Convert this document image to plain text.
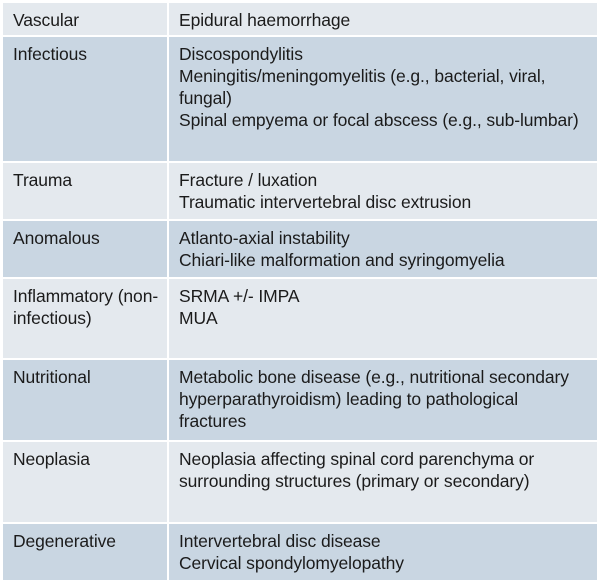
Vascular	Epidural haemorrhage

Infectious	Discospondylitis
Meningitis/meningomyelitis (e.g., bacterial, viral, fungal)
Spinal empyema or focal abscess (e.g., sub-lumbar)

Trauma	Fracture / luxation
Traumatic intervertebral disc extrusion

Anomalous	Atlanto-axial instability
Chiari-like malformation and syringomyelia

Inflammatory (non-infectious)	SRMA +/- IMPA
MUA

Nutritional	Metabolic bone disease (e.g., nutritional secondary hyperparathyroidism) leading to pathological fractures

Neoplasia	Neoplasia affecting spinal cord parenchyma or surrounding structures (primary or secondary)

Degenerative	Intervertebral disc disease
Cervical spondylomyelopathy
